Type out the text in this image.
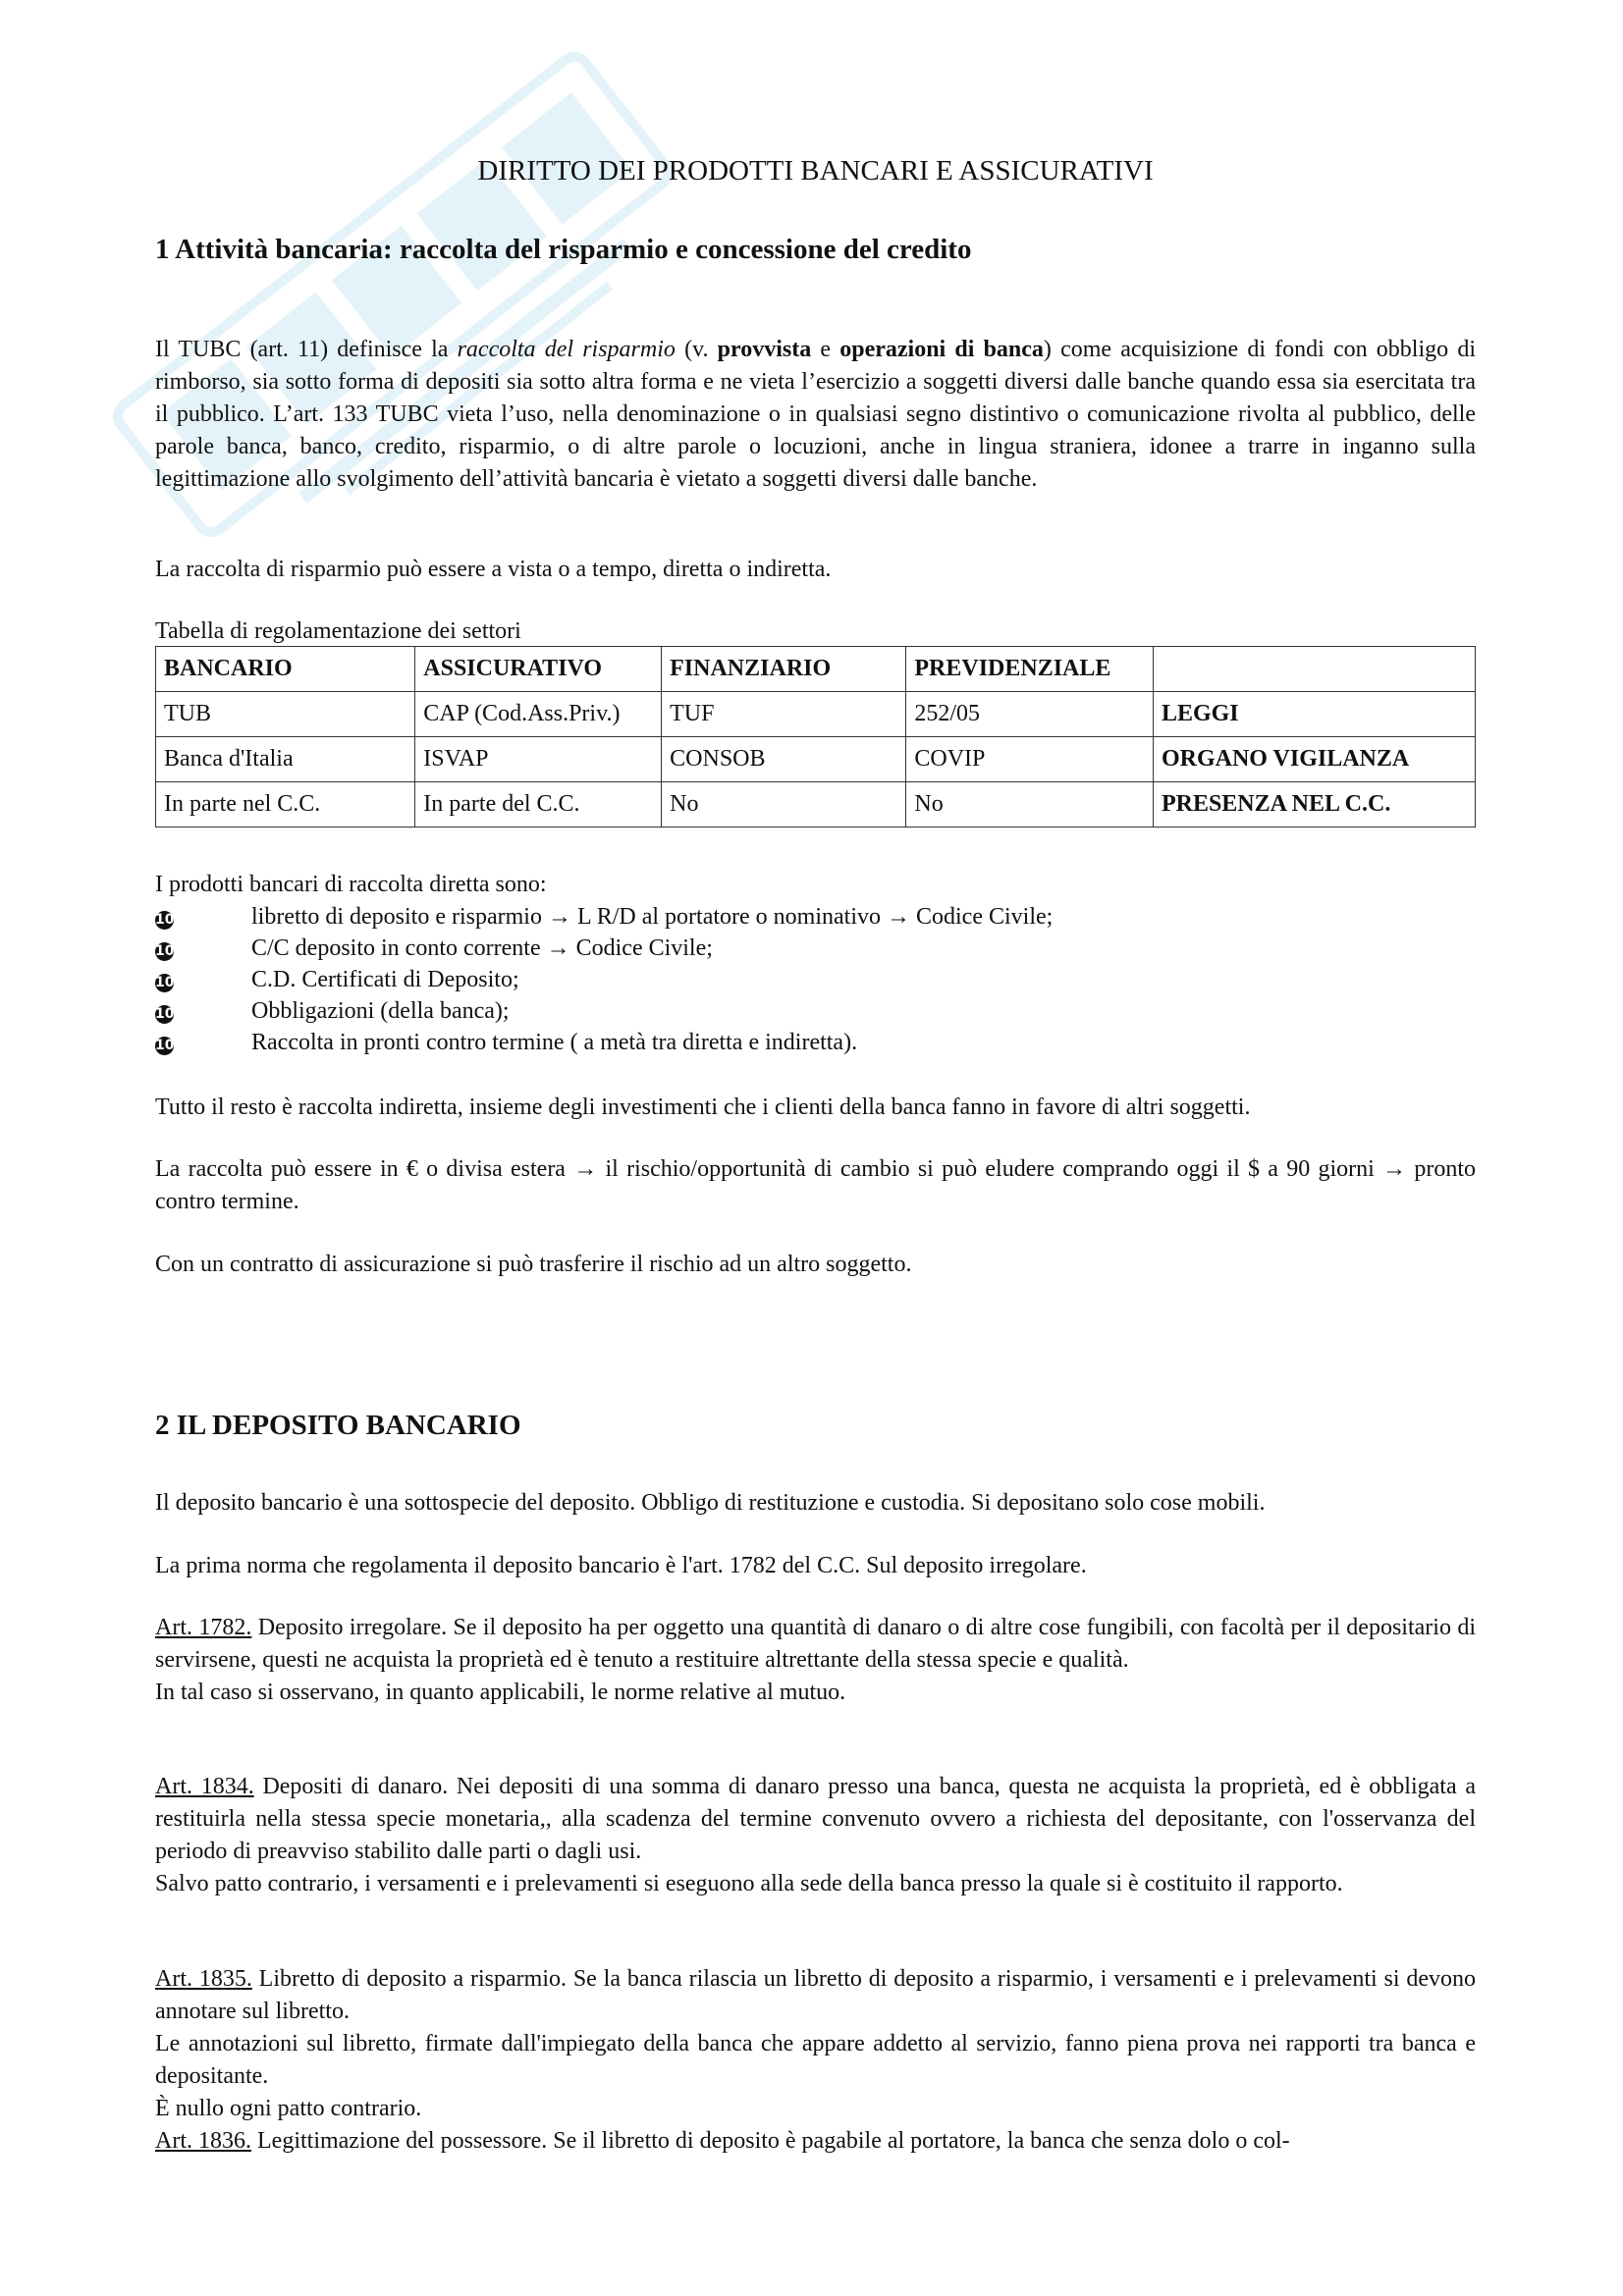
DIRITTO DEI PRODOTTI BANCARI E ASSICURATIVI
1 Attività bancaria: raccolta del risparmio e concessione del credito
Il TUBC (art. 11) definisce la raccolta del risparmio (v. provvista e operazioni di banca) come acquisizione di fondi con obbligo di rimborso, sia sotto forma di depositi sia sotto altra forma e ne vieta l’esercizio a soggetti diversi dalle banche quando essa sia esercitata tra il pubblico. L’art. 133 TUBC vieta l’uso, nella denominazione o in qualsiasi segno distintivo o comunicazione rivolta al pubblico, delle parole banca, banco, credito, risparmio, o di altre parole o locuzioni, anche in lingua straniera, idonee a trarre in inganno sulla legittimazione allo svolgimento dell’attività bancaria è vietato a soggetti diversi dalle banche.
La raccolta di risparmio può essere a vista o a tempo, diretta o indiretta.
Tabella di regolamentazione dei settori
BANCARIO	ASSICURATIVO	FINANZIARIO	PREVIDENZIALE	
TUB	CAP (Cod.Ass.Priv.)	TUF	252/05	LEGGI
Banca d'Italia	ISVAP	CONSOB	COVIP	ORGANO VIGILANZA
In parte nel C.C.	In parte del C.C.	No	No	PRESENZA NEL C.C.
I prodotti bancari di raccolta diretta sono:
10	libretto di deposito e risparmio → L R/D al portatore o nominativo → Codice Civile;
10	C/C deposito in conto corrente → Codice Civile;
10	C.D. Certificati di Deposito;
10	Obbligazioni (della banca);
10	Raccolta in pronti contro termine ( a metà tra diretta e indiretta).
Tutto il resto è raccolta indiretta, insieme degli investimenti che i clienti della banca fanno in favore di altri soggetti.
La raccolta può essere in € o divisa estera → il rischio/opportunità di cambio si può eludere comprando oggi il $ a 90 giorni → pronto contro termine.
Con un contratto di assicurazione si può trasferire il rischio ad un altro soggetto.
2 IL DEPOSITO BANCARIO
Il deposito bancario è una sottospecie del deposito. Obbligo di restituzione e custodia. Si depositano solo cose mobili.
La prima norma che regolamenta il deposito bancario è l'art. 1782 del C.C. Sul deposito irregolare.
Art. 1782. Deposito irregolare. Se il deposito ha per oggetto una quantità di danaro o di altre cose fungibili, con facoltà per il depositario di servirsene, questi ne acquista la proprietà ed è tenuto a restituire altrettante della stessa specie e qualità.
In tal caso si osservano, in quanto applicabili, le norme relative al mutuo.
Art. 1834. Depositi di danaro. Nei depositi di una somma di danaro presso una banca, questa ne acquista la proprietà, ed è obbligata a restituirla nella stessa specie monetaria,, alla scadenza del termine convenuto ovvero a richiesta del depositante, con l'osservanza del periodo di preavviso stabilito dalle parti o dagli usi.
Salvo patto contrario, i versamenti e i prelevamenti si eseguono alla sede della banca presso la quale si è costituito il rapporto.
Art. 1835. Libretto di deposito a risparmio. Se la banca rilascia un libretto di deposito a risparmio, i versamenti e i prelevamenti si devono annotare sul libretto.
Le annotazioni sul libretto, firmate dall'impiegato della banca che appare addetto al servizio, fanno piena prova nei rapporti tra banca e depositante.
È nullo ogni patto contrario.
Art. 1836. Legittimazione del possessore. Se il libretto di deposito è pagabile al portatore, la banca che senza dolo o col-
